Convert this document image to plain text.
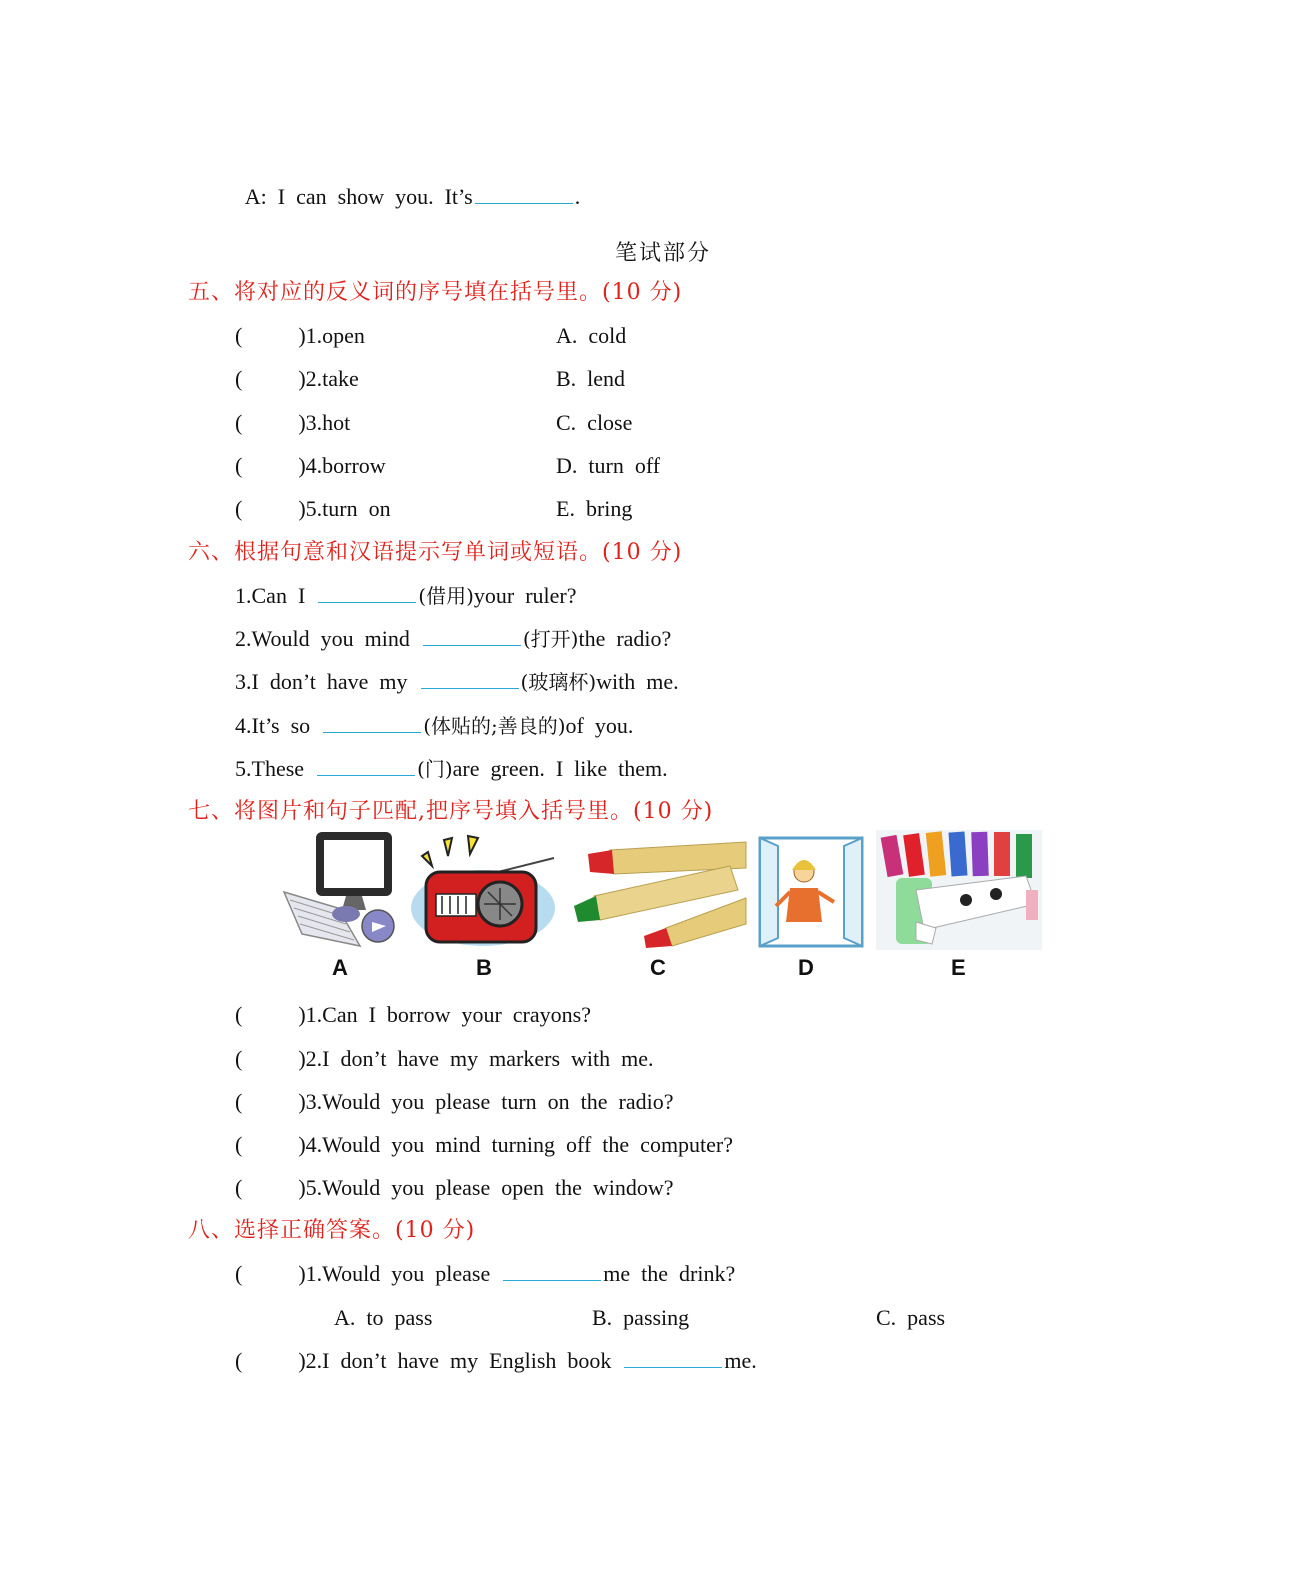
A:  I  can  show  you.  It’s	.

笔试部分
五、将对应的反义词的序号填在括号里。(10 分)
(	)1.open	A.  cold
(	)2.take	B.  lend
(	)3.hot	C.  close
(	)4.borrow	D.  turn  off
(	)5.turn  on	E.  bring
六、根据句意和汉语提示写单词或短语。(10 分)
1.Can  I	(借用)your  ruler?
2.Would  you  mind	(打开)the  radio?
3.I  don’t  have  my	(玻璃杯)with  me.
4.It’s  so	(体贴的;善良的)of  you.
5.These	(门)are  green.  I  like  them.
七、将图片和句子匹配,把序号填入括号里。(10 分)
A	B	C	D	E
(	)1.Can  I  borrow  your  crayons?
(	)2.I  don’t  have  my  markers  with  me.
(	)3.Would  you  please  turn  on  the  radio?
(	)4.Would  you  mind  turning  off  the  computer?
(	)5.Would  you  please  open  the  window?
八、选择正确答案。(10 分)
(	)1.Would  you  please	me  the  drink?
A.  to  pass	B.  passing	C.  pass
(	)2.I  don’t  have  my  English  book	me.
